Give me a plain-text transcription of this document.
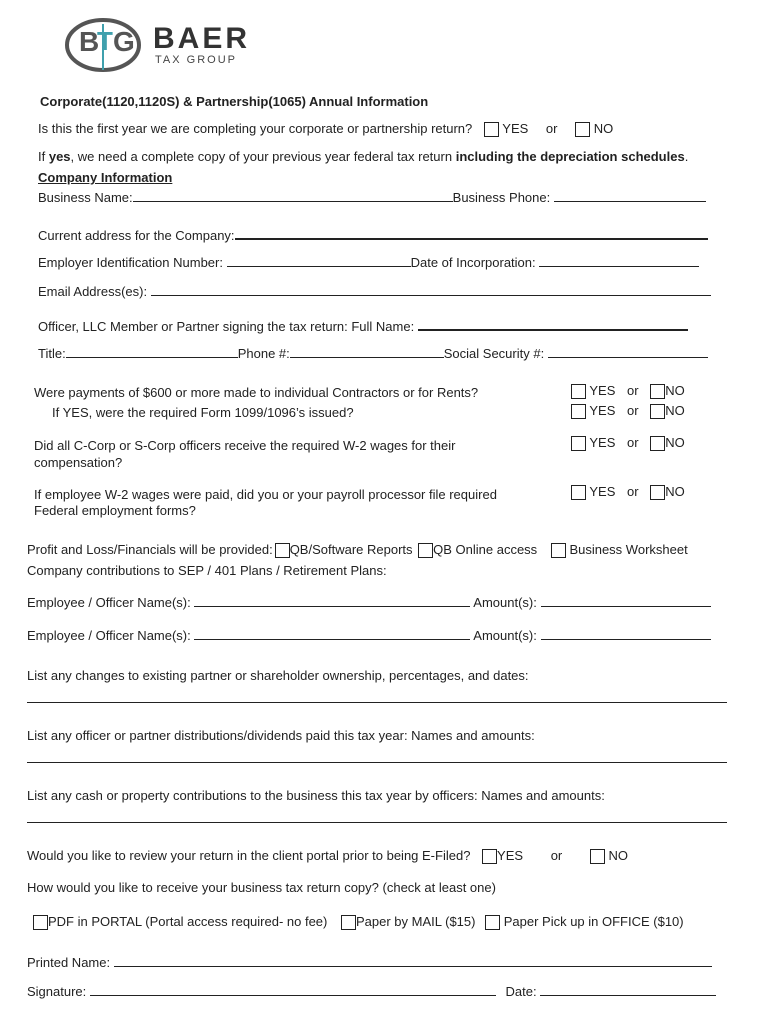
B
T G BAER
TAX GROUP
Corporate(1120,1120S) & Partnership(1065) Annual Information
Is this the first year we are completing your corporate or partnership return? YES or	NO
If yes, we need a complete copy of your previous year federal tax return including the depreciation schedules.
Company Information
Business Name:	Business Phone:
Current address for the Company:
Employer Identification Number:	Date of Incorporation:
Email Address(es):
Officer, LLC Member or Partner signing the tax return: Full Name:
Title:	Phone #:	Social Security #:
Were payments of $600 or more made to individual Contractors or for Rents?
If YES, were the required Form 1099/1096’s issued?
YES or NO
YES or NO
Did all C-Corp or S-Corp officers receive the required W-2 wages for their
compensation?
YES or NO
If employee W-2 wages were paid, did you or your payroll processor file required
Federal employment forms?
YES or NO
Profit and Loss/Financials will be provided: QB/Software Reports QB Online access Business Worksheet
Company contributions to SEP / 401 Plans / Retirement Plans:
Employee / Officer Name(s):	Amount(s):
Employee / Officer Name(s):	Amount(s):
List any changes to existing partner or shareholder ownership, percentages, and dates:
List any officer or partner distributions/dividends paid this tax year: Names and amounts:
List any cash or property contributions to the business this tax year by officers: Names and amounts:
Would you like to review your return in the client portal prior to being E-Filed? YES or	NO
How would you like to receive your business tax return copy? (check at least one)
PDF in PORTAL (Portal access required- no fee) Paper by MAIL ($15) Paper Pick up in OFFICE ($10)
Printed Name:
Signature:	Date:
